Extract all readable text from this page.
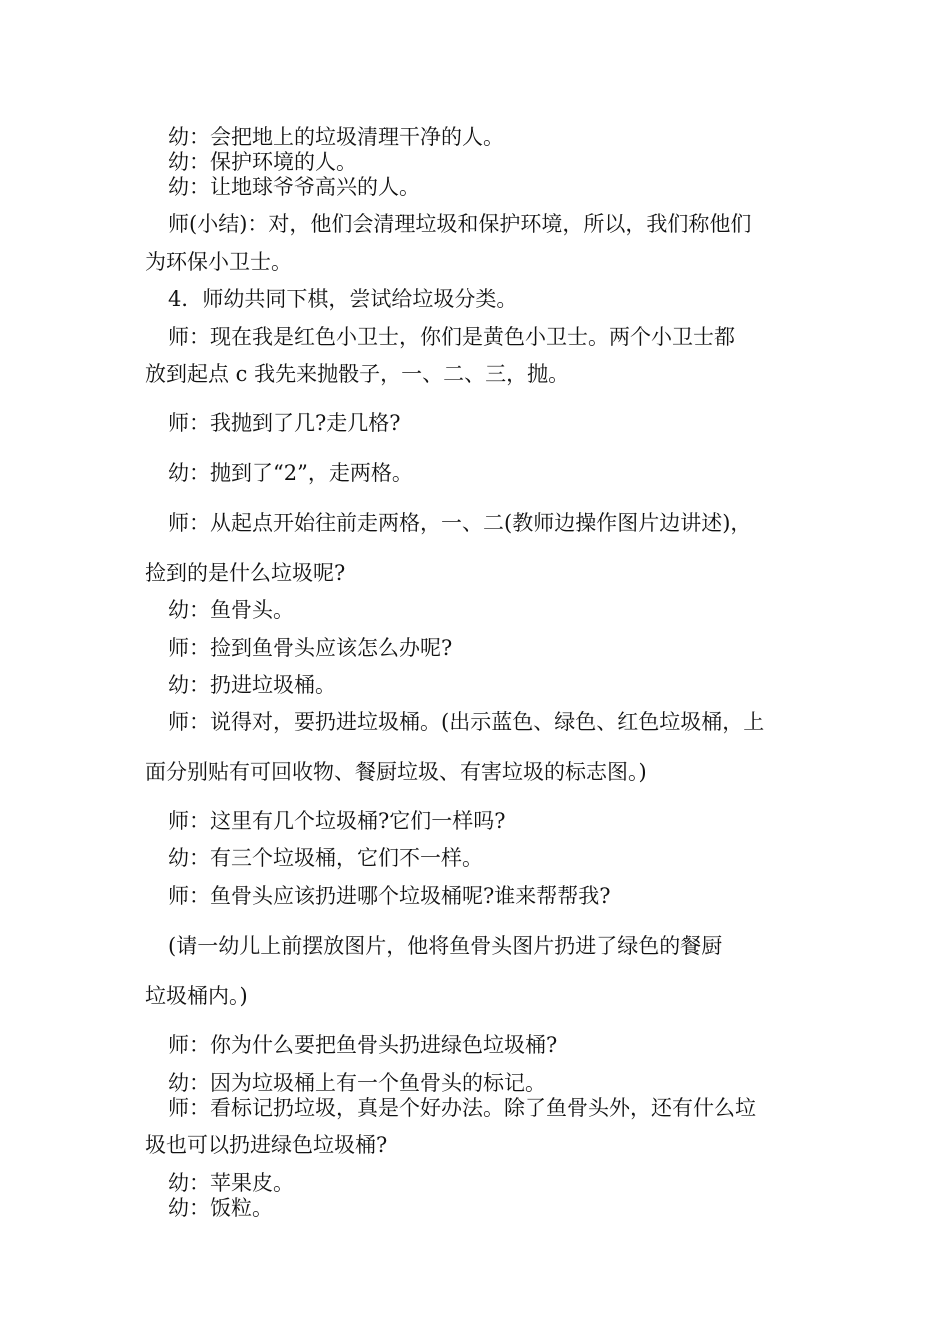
幼：会把地上的垃圾清理干净的人。
幼：保护环境的人。
幼：让地球爷爷高兴的人。
师(小结)：对，他们会清理垃圾和保护环境，所以，我们称他们
为环保小卫士。
4．师幼共同下棋，尝试给垃圾分类。
师：现在我是红色小卫士，你们是黄色小卫士。两个小卫士都
放到起点 c 我先来抛骰子，一、二、三，抛。
师：我抛到了几?走几格?
幼：抛到了“2”，走两格。
师：从起点开始往前走两格，一、二(教师边操作图片边讲述)，
捡到的是什么垃圾呢?
幼：鱼骨头。
师：捡到鱼骨头应该怎么办呢?
幼：扔进垃圾桶。
师：说得对，要扔进垃圾桶。(出示蓝色、绿色、红色垃圾桶，上
面分别贴有可回收物、餐厨垃圾、有害垃圾的标志图。)
师：这里有几个垃圾桶?它们一样吗?
幼：有三个垃圾桶，它们不一样。
师：鱼骨头应该扔进哪个垃圾桶呢?谁来帮帮我?
(请一幼儿上前摆放图片，他将鱼骨头图片扔进了绿色的餐厨
垃圾桶内。)
师：你为什么要把鱼骨头扔进绿色垃圾桶?
幼：因为垃圾桶上有一个鱼骨头的标记。
师：看标记扔垃圾，真是个好办法。除了鱼骨头外，还有什么垃
圾也可以扔进绿色垃圾桶?
幼：苹果皮。
幼：饭粒。
